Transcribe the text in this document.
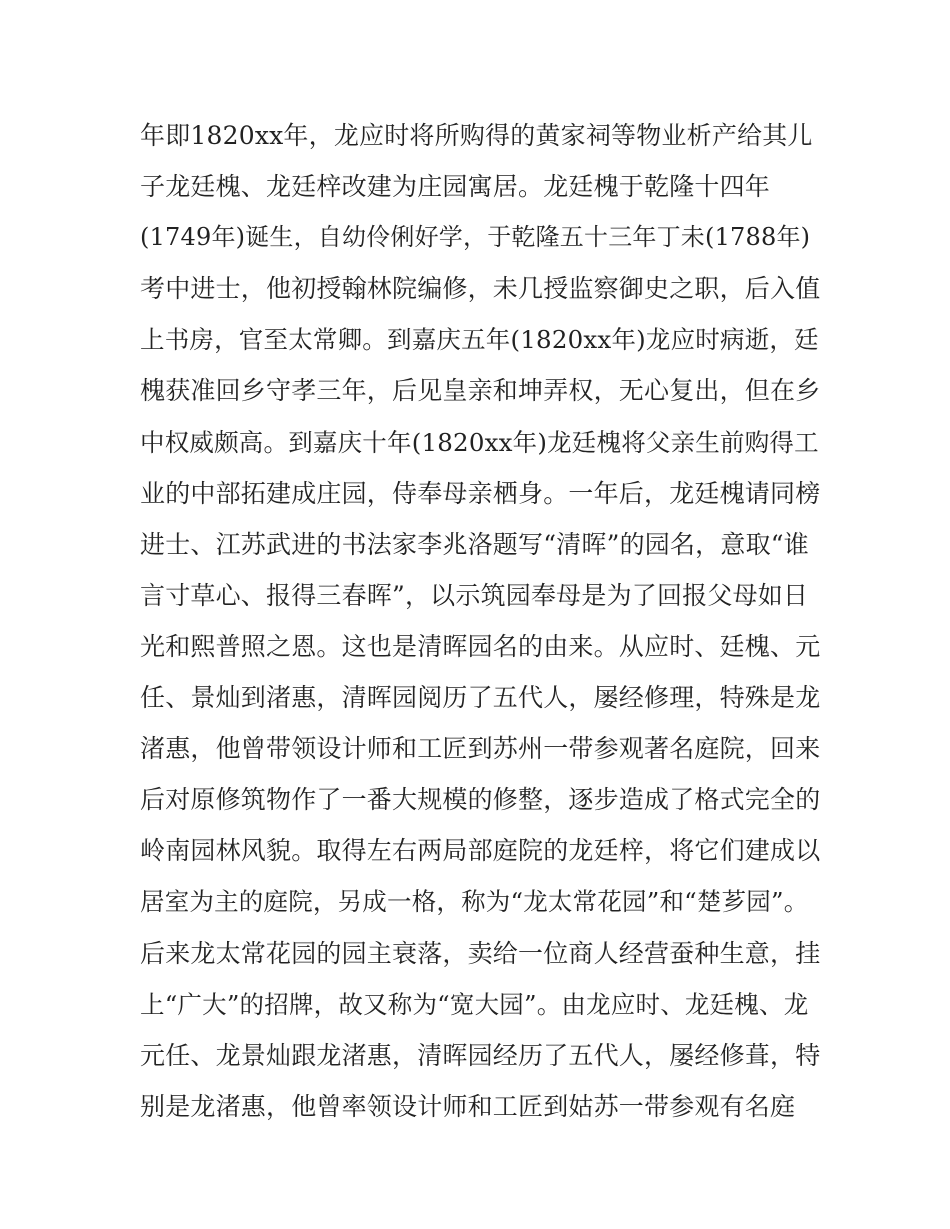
年即1820xx年，龙应时将所购得的黄家祠等物业析产给其儿
子龙廷槐、龙廷梓改建为庄园寓居。龙廷槐于乾隆十四年
(1749年)诞生，自幼伶俐好学，于乾隆五十三年丁未(1788年)
考中进士，他初授翰林院编修，未几授监察御史之职，后入值
上书房，官至太常卿。到嘉庆五年(1820xx年)龙应时病逝，廷
槐获准回乡守孝三年，后见皇亲和坤弄权，无心复出，但在乡
中权威颇高。到嘉庆十年(1820xx年)龙廷槐将父亲生前购得工
业的中部拓建成庄园，侍奉母亲栖身。一年后，龙廷槐请同榜
进士、江苏武进的书法家李兆洛题写“清晖”的园名，意取“谁
言寸草心、报得三春晖”，以示筑园奉母是为了回报父母如日
光和熙普照之恩。这也是清晖园名的由来。从应时、廷槐、元
任、景灿到渚惠，清晖园阅历了五代人，屡经修理，特殊是龙
渚惠，他曾带领设计师和工匠到苏州一带参观著名庭院，回来
后对原修筑物作了一番大规模的修整，逐步造成了格式完全的
岭南园林风貌。取得左右两局部庭院的龙廷梓，将它们建成以
居室为主的庭院，另成一格，称为“龙太常花园”和“楚芗园”。
后来龙太常花园的园主衰落，卖给一位商人经营蚕种生意，挂
上“广大”的招牌，故又称为“宽大园”。由龙应时、龙廷槐、龙
元任、龙景灿跟龙渚惠，清晖园经历了五代人，屡经修葺，特
别是龙渚惠，他曾率领设计师和工匠到姑苏一带参观有名庭
